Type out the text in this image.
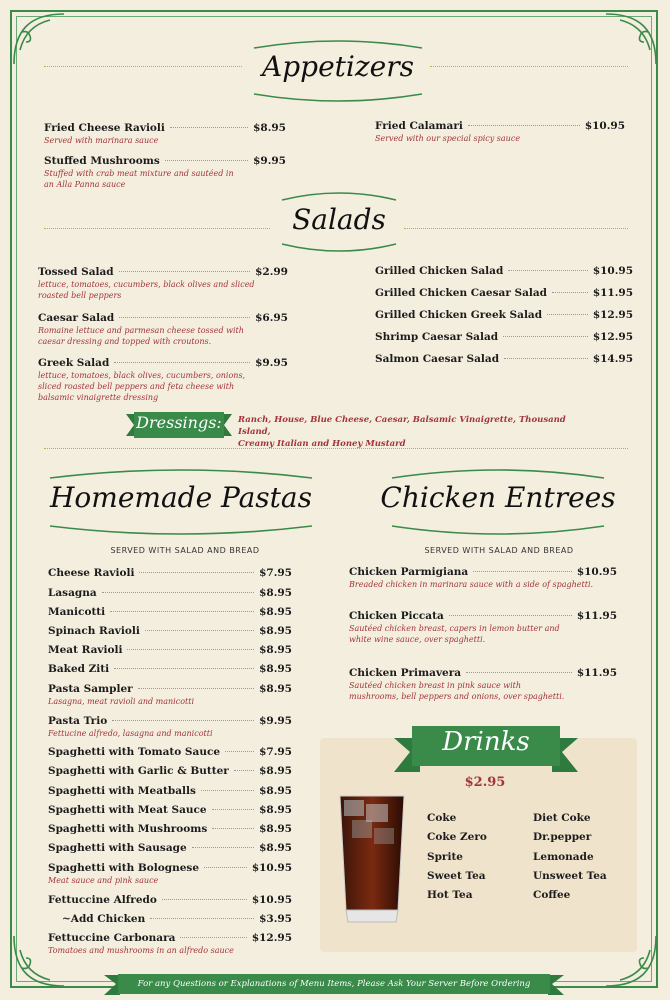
Appetizers
Fried Cheese Ravioli	$8.95
Served with marinara sauce
Stuffed Mushrooms	$9.95
Stuffed with crab meat mixture and sautéed in an Alla Panna sauce
Fried Calamari	$10.95
Served with our special spicy sauce
Salads
Tossed Salad	$2.99
lettuce, tomatoes, cucumbers, black olives and sliced roasted bell peppers
Caesar Salad	$6.95
Romaine lettuce and parmesan cheese tossed with caesar dressing and topped with croutons.
Greek Salad	$9.95
lettuce, tomatoes, black olives, cucumbers, onions, sliced roasted bell peppers and feta cheese with balsamic vinaigrette dressing
Grilled Chicken Salad	$10.95
Grilled Chicken Caesar Salad	$11.95
Grilled Chicken Greek Salad	$12.95
Shrimp Caesar Salad	$12.95
Salmon Caesar Salad	$14.95
Dressings: Ranch, House, Blue Cheese, Caesar, Balsamic Vinaigrette, Thousand Island,
Creamy Italian and Honey Mustard
Homemade Pastas
SERVED WITH SALAD AND BREAD
Cheese Ravioli	$7.95
Lasagna	$8.95
Manicotti	$8.95
Spinach Ravioli	$8.95
Meat Ravioli	$8.95
Baked Ziti	$8.95
Pasta Sampler	$8.95
Lasagna, meat ravioli and manicotti
Pasta Trio	$9.95
Fettucine alfredo, lasagna and manicotti
Spaghetti with Tomato Sauce	$7.95
Spaghetti with Garlic & Butter	$8.95
Spaghetti with Meatballs	$8.95
Spaghetti with Meat Sauce	$8.95
Spaghetti with Mushrooms	$8.95
Spaghetti with Sausage	$8.95
Spaghetti with Bolognese	$10.95
Meat sauce and pink sauce
Fettuccine Alfredo	$10.95
~Add Chicken	$3.95
Fettuccine Carbonara	$12.95
Tomatoes and mushrooms in an alfredo sauce
Chicken Entrees
SERVED WITH SALAD AND BREAD
Chicken Parmigiana	$10.95
Breaded chicken in marinara sauce with a side of spaghetti.
Chicken Piccata	$11.95
Sautéed chicken breast, capers in lemon butter and white wine sauce, over spaghetti.
Chicken Primavera	$11.95
Sautéed chicken breast in pink sauce with mushrooms, bell peppers and onions, over spaghetti.
Drinks
$2.95
Coke
Coke Zero
Sprite
Sweet Tea
Hot Tea
Diet Coke
Dr.pepper
Lemonade
Unsweet Tea
Coffee
For any Questions or Explanations of Menu Items, Please Ask Your Server Before Ordering
